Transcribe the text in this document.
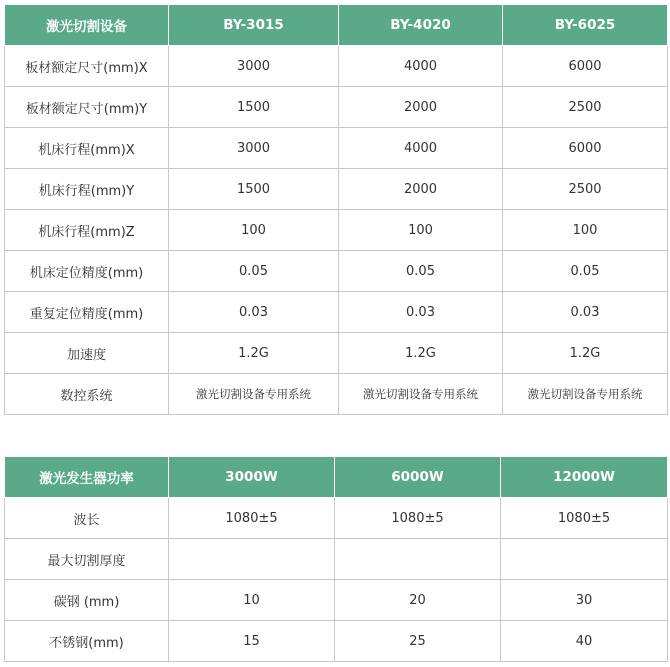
激光切割设备	BY-3015	BY-4020	BY-6025
板材额定尺寸(mm)X	3000	4000	6000
板材额定尺寸(mm)Y	1500	2000	2500
机床行程(mm)X	3000	4000	6000
机床行程(mm)Y	1500	2000	2500
机床行程(mm)Z	100	100	100
机床定位精度(mm)	0.05	0.05	0.05
重复定位精度(mm)	0.03	0.03	0.03
加速度	1.2G	1.2G	1.2G
数控系统	激光切割设备专用系统	激光切割设备专用系统	激光切割设备专用系统
激光发生器功率	3000W	6000W	12000W
波长	1080±5	1080±5	1080±5
最大切割厚度			
碳钢 (mm)	10	20	30
不锈钢(mm)	15	25	40
